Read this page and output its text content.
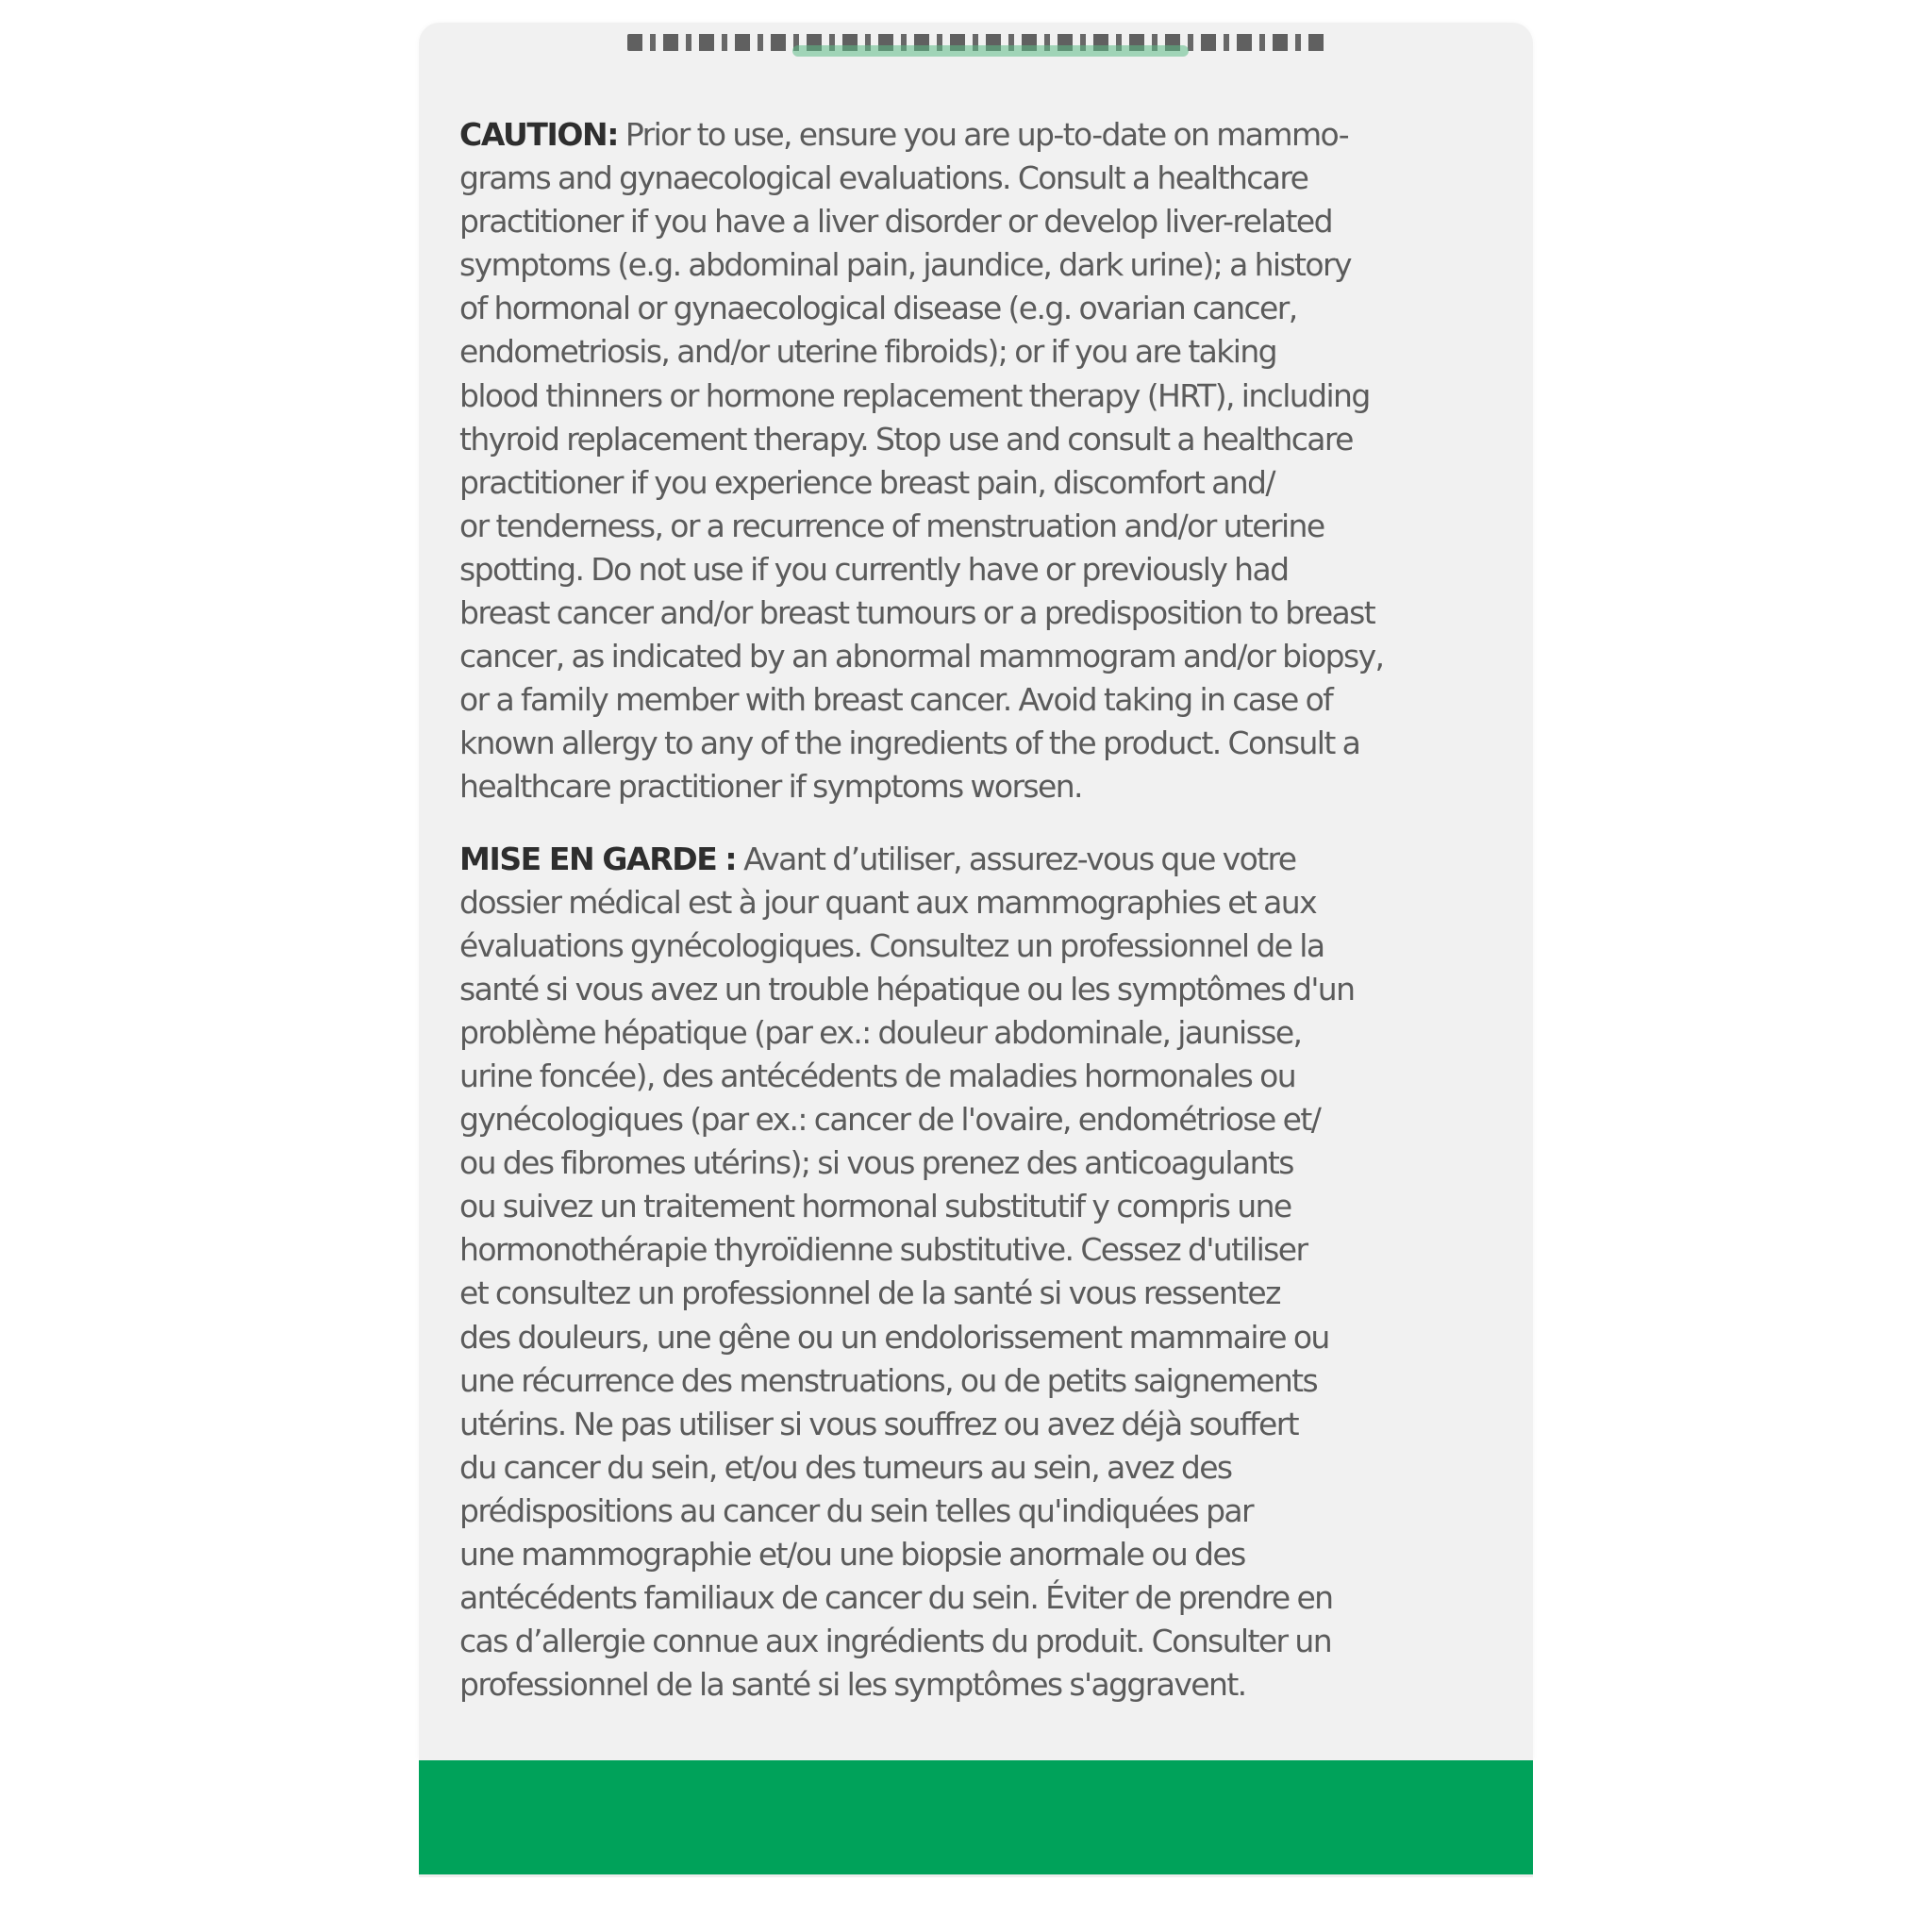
CAUTION: Prior to use, ensure you are up-to-date on mammo-
grams and gynaecological evaluations. Consult a healthcare
practitioner if you have a liver disorder or develop liver-related
symptoms (e.g. abdominal pain, jaundice, dark urine); a history
of hormonal or gynaecological disease (e.g. ovarian cancer,
endometriosis, and/or uterine fibroids); or if you are taking
blood thinners or hormone replacement therapy (HRT), including
thyroid replacement therapy. Stop use and consult a healthcare
practitioner if you experience breast pain, discomfort and/
or tenderness, or a recurrence of menstruation and/or uterine
spotting. Do not use if you currently have or previously had
breast cancer and/or breast tumours or a predisposition to breast
cancer, as indicated by an abnormal mammogram and/or biopsy,
or a family member with breast cancer. Avoid taking in case of
known allergy to any of the ingredients of the product. Consult a
healthcare practitioner if symptoms worsen.

MISE EN GARDE : Avant d’utiliser, assurez-vous que votre
dossier médical est à jour quant aux mammographies et aux
évaluations gynécologiques. Consultez un professionnel de la
santé si vous avez un trouble hépatique ou les symptômes d'un
problème hépatique (par ex.: douleur abdominale, jaunisse,
urine foncée), des antécédents de maladies hormonales ou
gynécologiques (par ex.: cancer de l'ovaire, endométriose et/
ou des fibromes utérins); si vous prenez des anticoagulants
ou suivez un traitement hormonal substitutif y compris une
hormonothérapie thyroïdienne substitutive. Cessez d'utiliser
et consultez un professionnel de la santé si vous ressentez
des douleurs, une gêne ou un endolorissement mammaire ou
une récurrence des menstruations, ou de petits saignements
utérins. Ne pas utiliser si vous souffrez ou avez déjà souffert
du cancer du sein, et/ou des tumeurs au sein, avez des
prédispositions au cancer du sein telles qu'indiquées par
une mammographie et/ou une biopsie anormale ou des
antécédents familiaux de cancer du sein. Éviter de prendre en
cas d’allergie connue aux ingrédients du produit. Consulter un
professionnel de la santé si les symptômes s'aggravent.
